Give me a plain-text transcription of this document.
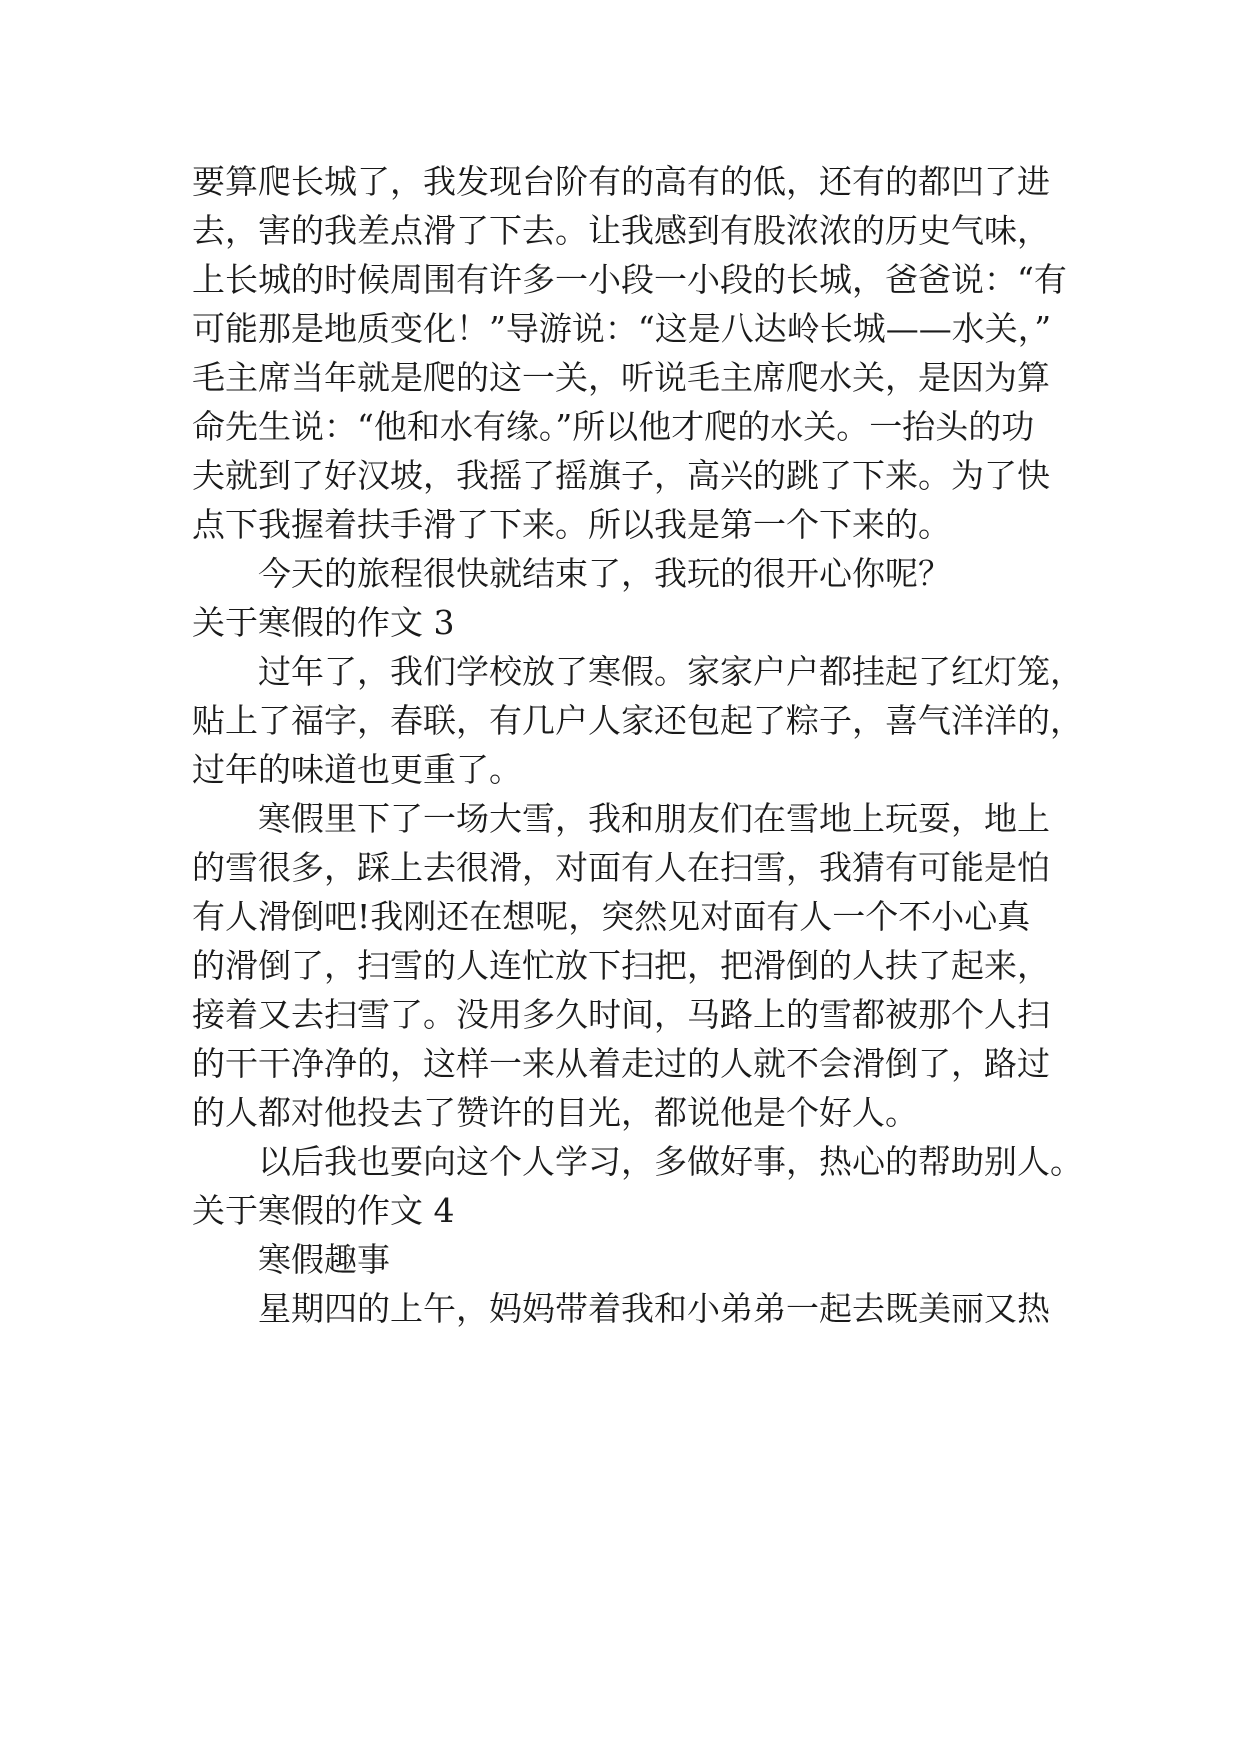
要算爬长城了，我发现台阶有的高有的低，还有的都凹了进
去，害的我差点滑了下去。让我感到有股浓浓的历史气味，
上长城的时候周围有许多一小段一小段的长城，爸爸说：“有
可能那是地质变化！”导游说：“这是八达岭长城——水关，”
毛主席当年就是爬的这一关，听说毛主席爬水关，是因为算
命先生说：“他和水有缘。”所以他才爬的水关。一抬头的功
夫就到了好汉坡，我摇了摇旗子，高兴的跳了下来。为了快
点下我握着扶手滑了下来。所以我是第一个下来的。
今天的旅程很快就结束了，我玩的很开心你呢？
关于寒假的作文 3
过年了，我们学校放了寒假。家家户户都挂起了红灯笼，
贴上了福字，春联，有几户人家还包起了粽子，喜气洋洋的，
过年的味道也更重了。
寒假里下了一场大雪，我和朋友们在雪地上玩耍，地上
的雪很多，踩上去很滑，对面有人在扫雪，我猜有可能是怕
有人滑倒吧!我刚还在想呢，突然见对面有人一个不小心真
的滑倒了，扫雪的人连忙放下扫把，把滑倒的人扶了起来，
接着又去扫雪了。没用多久时间，马路上的雪都被那个人扫
的干干净净的，这样一来从着走过的人就不会滑倒了，路过
的人都对他投去了赞许的目光，都说他是个好人。
以后我也要向这个人学习，多做好事，热心的帮助别人。
关于寒假的作文 4
寒假趣事
星期四的上午，妈妈带着我和小弟弟一起去既美丽又热
